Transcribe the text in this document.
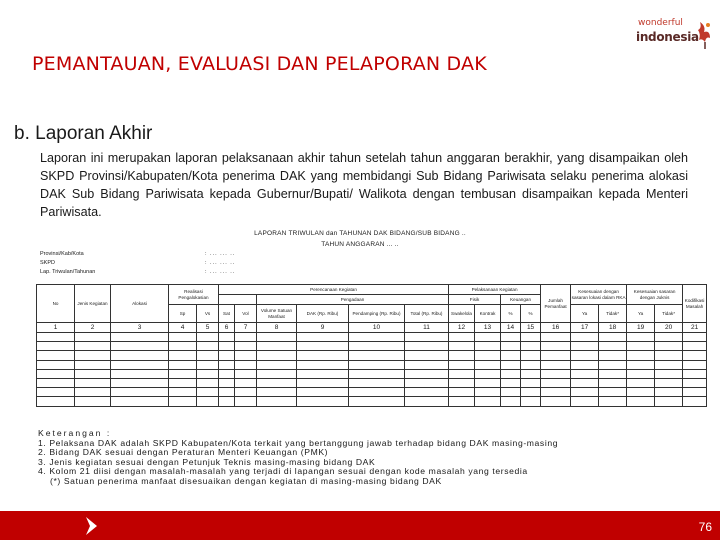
wonderful
indonesia
PEMANTAUAN, EVALUASI DAN PELAPORAN DAK
b. Laporan Akhir
Laporan ini merupakan laporan pelaksanaan akhir tahun setelah tahun anggaran berakhir, yang disampaikan oleh SKPD Provinsi/Kabupaten/Kota penerima DAK yang membidangi Sub Bidang Pariwisata selaku penerima alokasi DAK Sub Bidang Pariwisata kepada Gubernur/Bupati/ Walikota dengan tembusan disampaikan kepada Menteri Pariwisata.
LAPORAN TRIWULAN dan TAHUNAN DAK BIDANG/SUB BIDANG ..
TAHUN ANGGARAN ... ..
Provinsi/Kab/Kota	: ... ... ..
SKPD	: ... ... ..
Lap. Triwulan/Tahunan	: ... ... ..
No	Jenis Kegiatan	Alokasi	Realisasi Pengalokasian		Perencanaan Kegiatan						Pelaksanaan Kegiatan				Jumlah Pemanfaat	Kesesuaian dengan sasaran lokasi dalam RKA		Kesesuaian sasaran dengan Juknis		Kodifikasi Masalah
							Pengadaan				Fisik		Keuangan							
			Sp	Vs	Sat	Vol	Volume Satuan Manfaat	DAK (Rp. Ribu)	Pendamping (Rp. Ribu)	Total (Rp. Ribu)	Swakelola	Kontrak	%	%		Ya	Tidak*	Ya	Tidak*	
1	2	3	4	5	6	7	8	9	10	11	12	13	14	15	16	17	18	19	20	21

Keterangan :
1. Pelaksana DAK adalah SKPD Kabupaten/Kota terkait yang bertanggung jawab terhadap bidang DAK masing-masing
2. Bidang DAK sesuai dengan Peraturan Menteri Keuangan (PMK)
3. Jenis kegiatan sesuai dengan Petunjuk Teknis masing-masing bidang DAK
4. Kolom 21 diisi dengan masalah-masalah yang terjadi di lapangan sesuai dengan kode masalah yang tersedia
(*) Satuan penerima manfaat disesuaikan dengan kegiatan di masing-masing bidang DAK
76
